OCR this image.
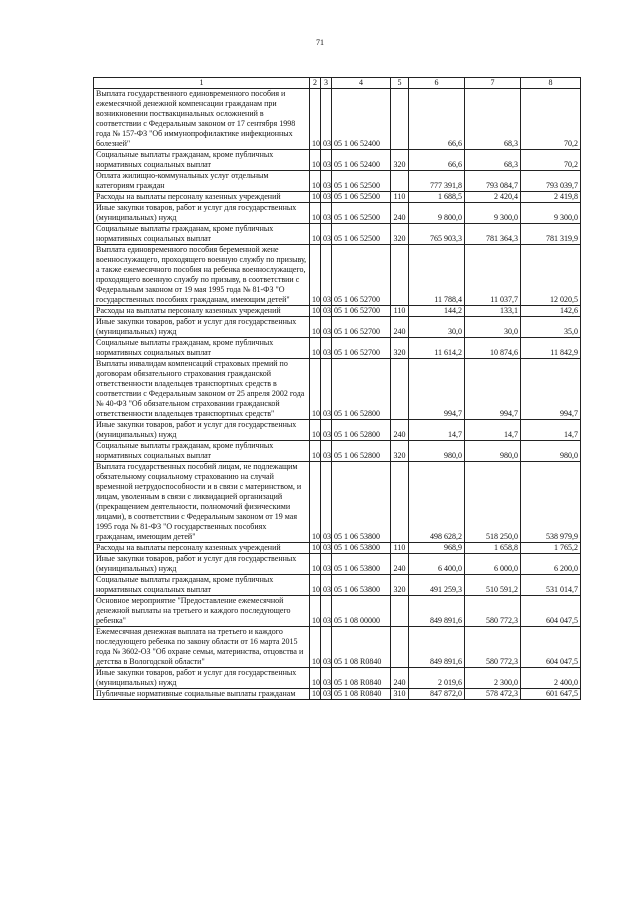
71
1	2	3	4	5	6	7	8
Выплата государственного единовременного пособия и ежемесячной денежной компенсации гражданам при возникновении поствакцинальных осложнений в соответствии с Федеральным законом от 17 сентября 1998 года № 157-ФЗ "Об иммунопрофилактике инфекционных болезней"	10	03	05 1 06 52400		66,6	68,3	70,2
Социальные выплаты гражданам, кроме публичных нормативных социальных выплат	10	03	05 1 06 52400	320	66,6	68,3	70,2
Оплата жилищно-коммунальных услуг отдельным категориям граждан	10	03	05 1 06 52500		777 391,8	793 084,7	793 039,7
Расходы на выплаты персоналу казенных учреждений	10	03	05 1 06 52500	110	1 688,5	2 420,4	2 419,8
Иные закупки товаров, работ и услуг для государственных (муниципальных) нужд	10	03	05 1 06 52500	240	9 800,0	9 300,0	9 300,0
Социальные выплаты гражданам, кроме публичных нормативных социальных выплат	10	03	05 1 06 52500	320	765 903,3	781 364,3	781 319,9
Выплата единовременного пособия беременной жене военнослужащего, проходящего военную службу по призыву, а также ежемесячного пособия на ребенка военнослужащего, проходящего военную службу по призыву, в соответствии с Федеральным законом от 19 мая 1995 года № 81-ФЗ "О государственных пособиях гражданам, имеющим детей"	10	03	05 1 06 52700		11 788,4	11 037,7	12 020,5
Расходы на выплаты персоналу казенных учреждений	10	03	05 1 06 52700	110	144,2	133,1	142,6
Иные закупки товаров, работ и услуг для государственных (муниципальных) нужд	10	03	05 1 06 52700	240	30,0	30,0	35,0
Социальные выплаты гражданам, кроме публичных нормативных социальных выплат	10	03	05 1 06 52700	320	11 614,2	10 874,6	11 842,9
Выплаты инвалидам компенсаций страховых премий по договорам обязательного страхования гражданской ответственности владельцев транспортных средств в соответствии с Федеральным законом от 25 апреля 2002 года № 40-ФЗ "Об обязательном страховании гражданской ответственности владельцев транспортных средств"	10	03	05 1 06 52800		994,7	994,7	994,7
Иные закупки товаров, работ и услуг для государственных (муниципальных) нужд	10	03	05 1 06 52800	240	14,7	14,7	14,7
Социальные выплаты гражданам, кроме публичных нормативных социальных выплат	10	03	05 1 06 52800	320	980,0	980,0	980,0
Выплата государственных пособий лицам, не подлежащим обязательному социальному страхованию на случай временной нетрудоспособности и в связи с материнством, и лицам, уволенным в связи с ликвидацией организаций (прекращением деятельности, полномочий физическими лицами), в соответствии с Федеральным законом от 19 мая 1995 года № 81-ФЗ "О государственных пособиях гражданам, имеющим детей"	10	03	05 1 06 53800		498 628,2	518 250,0	538 979,9
Расходы на выплаты персоналу казенных учреждений	10	03	05 1 06 53800	110	968,9	1 658,8	1 765,2
Иные закупки товаров, работ и услуг для государственных (муниципальных) нужд	10	03	05 1 06 53800	240	6 400,0	6 000,0	6 200,0
Социальные выплаты гражданам, кроме публичных нормативных социальных выплат	10	03	05 1 06 53800	320	491 259,3	510 591,2	531 014,7
Основное мероприятие "Предоставление ежемесячной денежной выплаты на третьего и каждого последующего ребенка"	10	03	05 1 08 00000		849 891,6	580 772,3	604 047,5
Ежемесячная денежная выплата на третьего и каждого последующего ребенка по закону области от 16 марта 2015 года № 3602-ОЗ "Об охране семьи, материнства, отцовства и детства в Вологодской области"	10	03	05 1 08 R0840		849 891,6	580 772,3	604 047,5
Иные закупки товаров, работ и услуг для государственных (муниципальных) нужд	10	03	05 1 08 R0840	240	2 019,6	2 300,0	2 400,0
Публичные нормативные социальные выплаты гражданам	10	03	05 1 08 R0840	310	847 872,0	578 472,3	601 647,5
